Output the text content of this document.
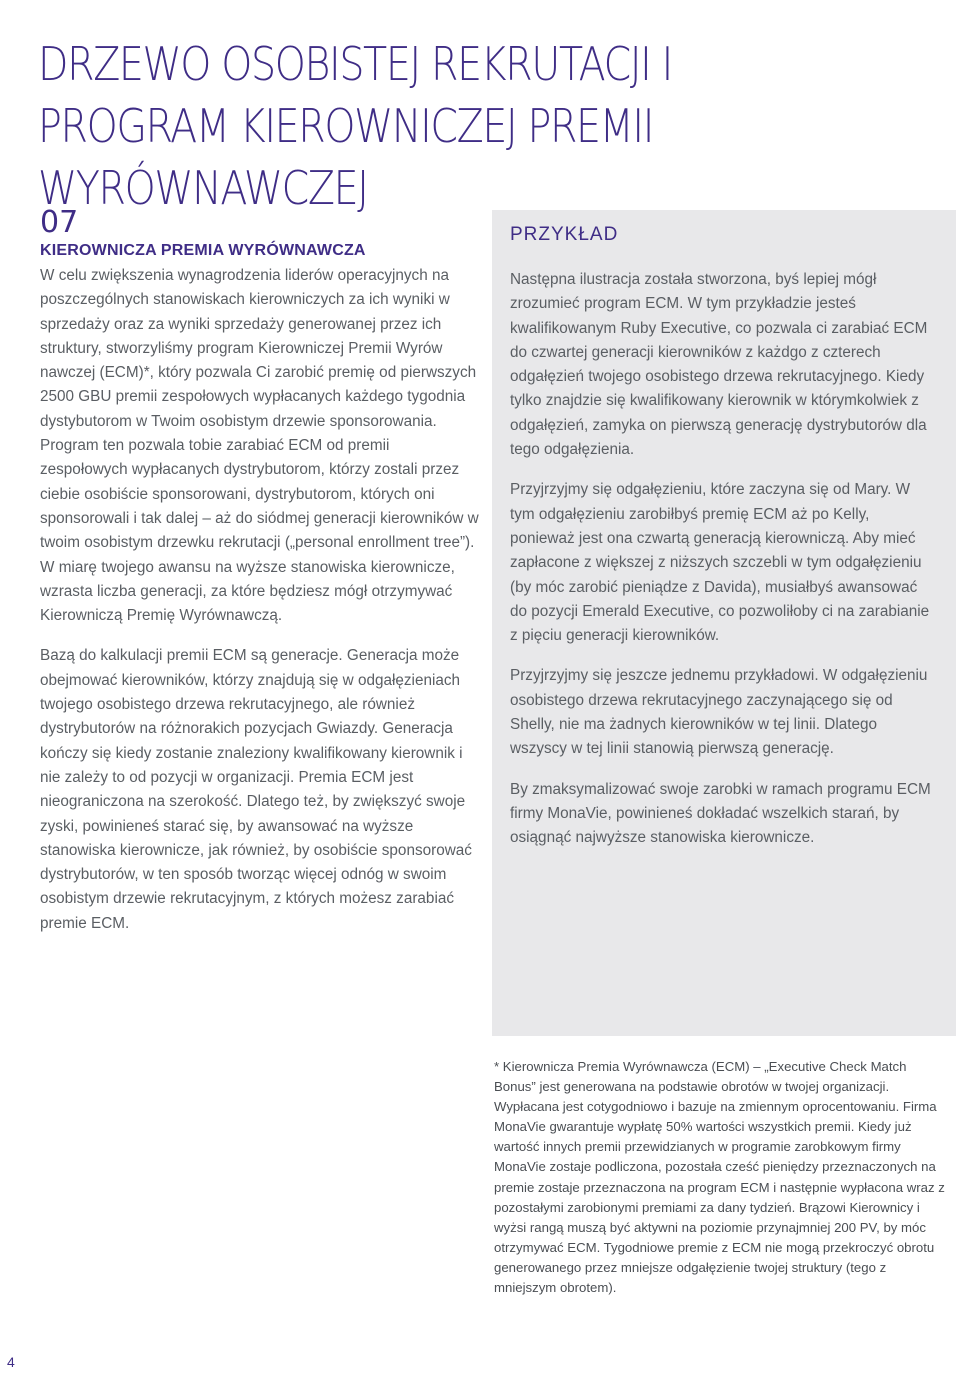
DRZEWO OSOBISTEJ REKRUTACJI I
PROGRAM KIEROWNICZEJ PREMII
WYRÓWNAWCZEJ
07
KIEROWNICZA PREMIA WYRÓWNAWCZA

W celu zwiększenia wynagrodzenia liderów operacyjnych na poszczególnych stanowiskach kierowniczych za ich wyniki w sprzedaży oraz za wyniki sprzedaży generowanej przez ich struktury, stworzyliśmy program Kierowniczej Premii Wyrów nawczej (ECM)*, który pozwala Ci zarobić premię od pierwszych 2500 GBU premii zespołowych wypłacanych każdego tygodnia dystybutorom w Twoim osobistym drzewie sponsorowania. Program ten pozwala tobie zarabiać ECM od premii zespołowych wypłacanych dystrybutorom, którzy zostali przez ciebie osobiście sponsorowani, dystrybutorom, których oni sponsorowali i tak dalej – aż do siódmej generacji kierowników w twoim osobistym drzewku rekrutacji („personal enrollment tree”). W miarę twojego awansu na wyższe stanowiska kierownicze, wzrasta liczba generacji, za które będziesz mógł otrzymywać Kierowniczą Premię Wyrównawczą.

Bazą do kalkulacji premii ECM są generacje. Generacja może obejmować kierowników, którzy znajdują się w odgałęzieniach twojego osobistego drzewa rekrutacyjnego, ale również dystrybutorów na różnorakich pozycjach Gwiazdy. Generacja kończy się kiedy zostanie znaleziony kwalifikowany kierownik i nie zależy to od pozycji w organizacji. Premia ECM jest nieograniczona na szerokość. Dlatego też, by zwiększyć swoje zyski, powinieneś starać się, by awansować na wyższe stanowiska kierownicze, jak również, by osobiście sponsorować dystrybutorów, w ten sposób tworząc więcej odnóg w swoim osobistym drzewie rekrutacyjnym, z których możesz zarabiać premie ECM.

PRZYKŁAD

Następna ilustracja została stworzona, byś lepiej mógł zrozumieć program ECM. W tym przykładzie jesteś kwalifikowanym Ruby Executive, co pozwala ci zarabiać ECM do czwartej generacji kierowników z każdgo z czterech odgałęzień twojego osobistego drzewa rekrutacyjnego. Kiedy tylko znajdzie się kwalifikowany kierownik w którymkolwiek z odgałęzień, zamyka on pierwszą generację dystrybutorów dla tego odgałęzienia.

Przyjrzyjmy się odgałęzieniu, które zaczyna się od Mary. W tym odgałęzieniu zarobiłbyś premię ECM aż po Kelly, ponieważ jest ona czwartą generacją kierowniczą. Aby mieć zapłacone z większej z niższych szczebli w tym odgałęzieniu (by móc zarobić pieniądze z Davida), musiałbyś awansować do pozycji Emerald Executive, co pozwoliłoby ci na zarabianie z pięciu generacji kierowników.

Przyjrzyjmy się jeszcze jednemu przykładowi. W odgałęzieniu osobistego drzewa rekrutacyjnego zaczynającego się od Shelly, nie ma żadnych kierowników w tej linii. Dlatego wszyscy w tej linii stanowią pierwszą generację.

By zmaksymalizować swoje zarobki w ramach programu ECM firmy MonaVie, powinieneś dokładać wszelkich starań, by osiągnąć najwyższe stanowiska kierownicze.

* Kierownicza Premia Wyrównawcza (ECM) – „Executive Check Match Bonus” jest generowana na podstawie obrotów w twojej organizacji. Wypłacana jest cotygodniowo i bazuje na zmiennym oprocentowaniu. Firma MonaVie gwarantuje wypłatę 50% wartości wszystkich premii. Kiedy już wartość innych premii przewidzianych w programie zarobkowym firmy MonaVie zostaje podliczona, pozostała cześć pieniędzy przeznaczonych na premie zostaje przeznaczona na program ECM i następnie wypłacona wraz z pozostałymi zarobionymi premiami za dany tydzień. Brązowi Kierownicy i wyżsi rangą muszą być aktywni na poziomie przynajmniej 200 PV, by móc otrzymywać ECM. Tygodniowe premie z ECM nie mogą przekroczyć obrotu generowanego przez mniejsze odgałęzienie twojej struktury (tego z mniejszym obrotem).

4
